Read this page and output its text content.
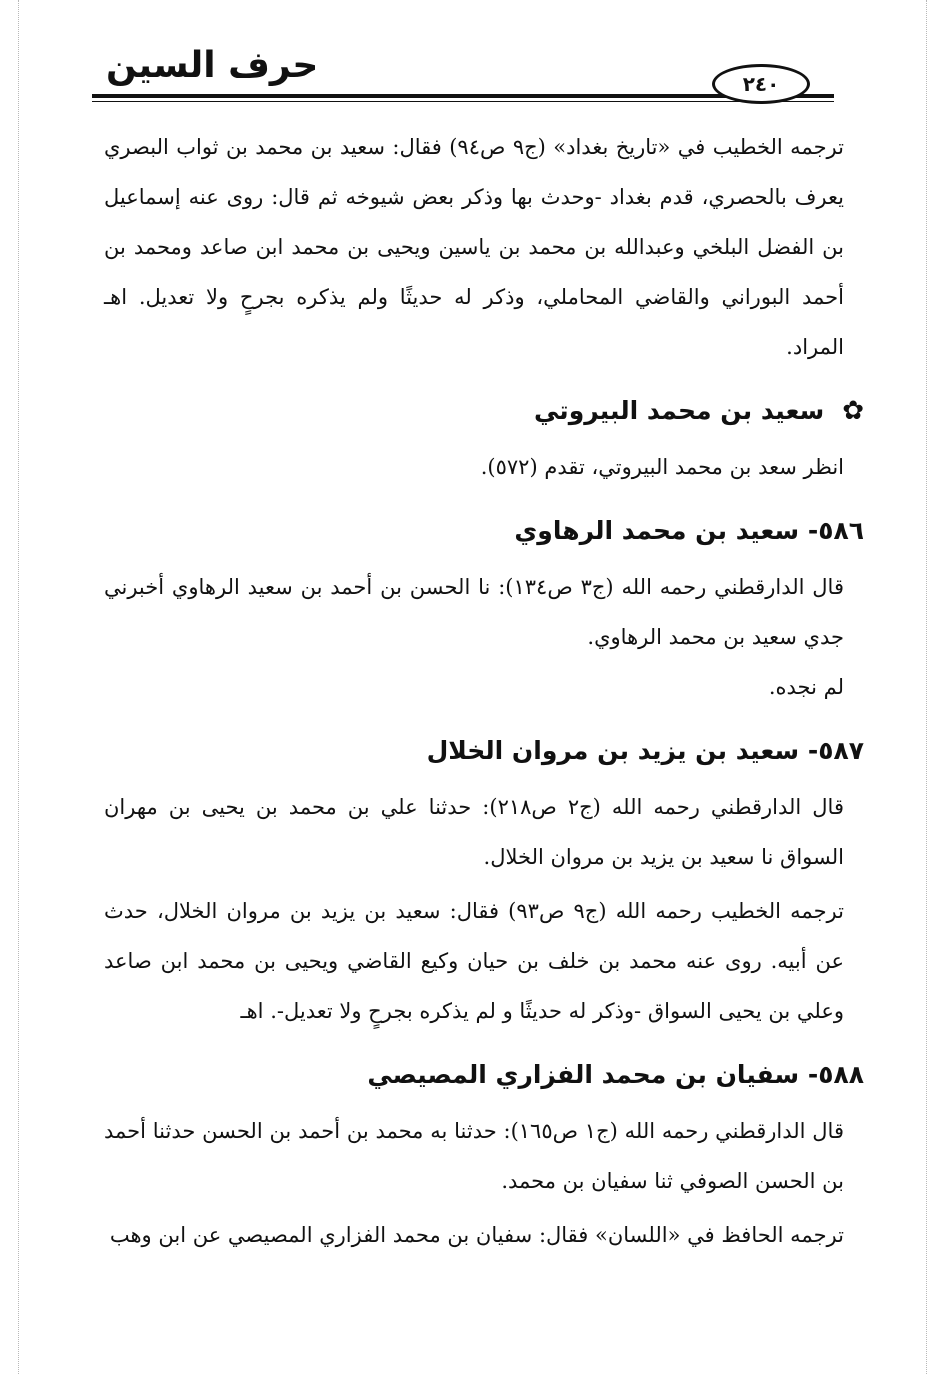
حرف السين	٢٤٠

ترجمه الخطيب في «تاريخ بغداد» (ج٩ ص٩٤) فقال: سعيد بن محمد بن ثواب البصري يعرف بالحصري، قدم بغداد -وحدث بها وذكر بعض شيوخه ثم قال: روى عنه إسماعيل بن الفضل البلخي وعبدالله بن محمد بن ياسين ويحيى بن محمد ابن صاعد ومحمد بن أحمد البوراني والقاضي المحاملي، وذكر له حديثًا ولم يذكره بجرحٍ ولا تعديل. اهـ المراد.

✿سعيد بن محمد البيروتي

انظر سعد بن محمد البيروتي، تقدم (٥٧٢).

٥٨٦- سعيد بن محمد الرهاوي

قال الدارقطني رحمه الله (ج٣ ص١٣٤): نا الحسن بن أحمد بن سعيد الرهاوي أخبرني جدي سعيد بن محمد الرهاوي.

لم نجده.

٥٨٧- سعيد بن يزيد بن مروان الخلال

قال الدارقطني رحمه الله (ج٢ ص٢١٨): حدثنا علي بن محمد بن يحيى بن مهران السواق نا سعيد بن يزيد بن مروان الخلال.

ترجمه الخطيب رحمه الله (ج٩ ص٩٣) فقال: سعيد بن يزيد بن مروان الخلال، حدث عن أبيه. روى عنه محمد بن خلف بن حيان وكيع القاضي ويحيى بن محمد ابن صاعد وعلي بن يحيى السواق -وذكر له حديثًا و لم يذكره بجرحٍ ولا تعديل-. اهـ

٥٨٨- سفيان بن محمد الفزاري المصيصي

قال الدارقطني رحمه الله (ج١ ص١٦٥): حدثنا به محمد بن أحمد بن الحسن حدثنا أحمد بن الحسن الصوفي ثنا سفيان بن محمد.

ترجمه الحافظ في «اللسان» فقال: سفيان بن محمد الفزاري المصيصي عن ابن وهب
